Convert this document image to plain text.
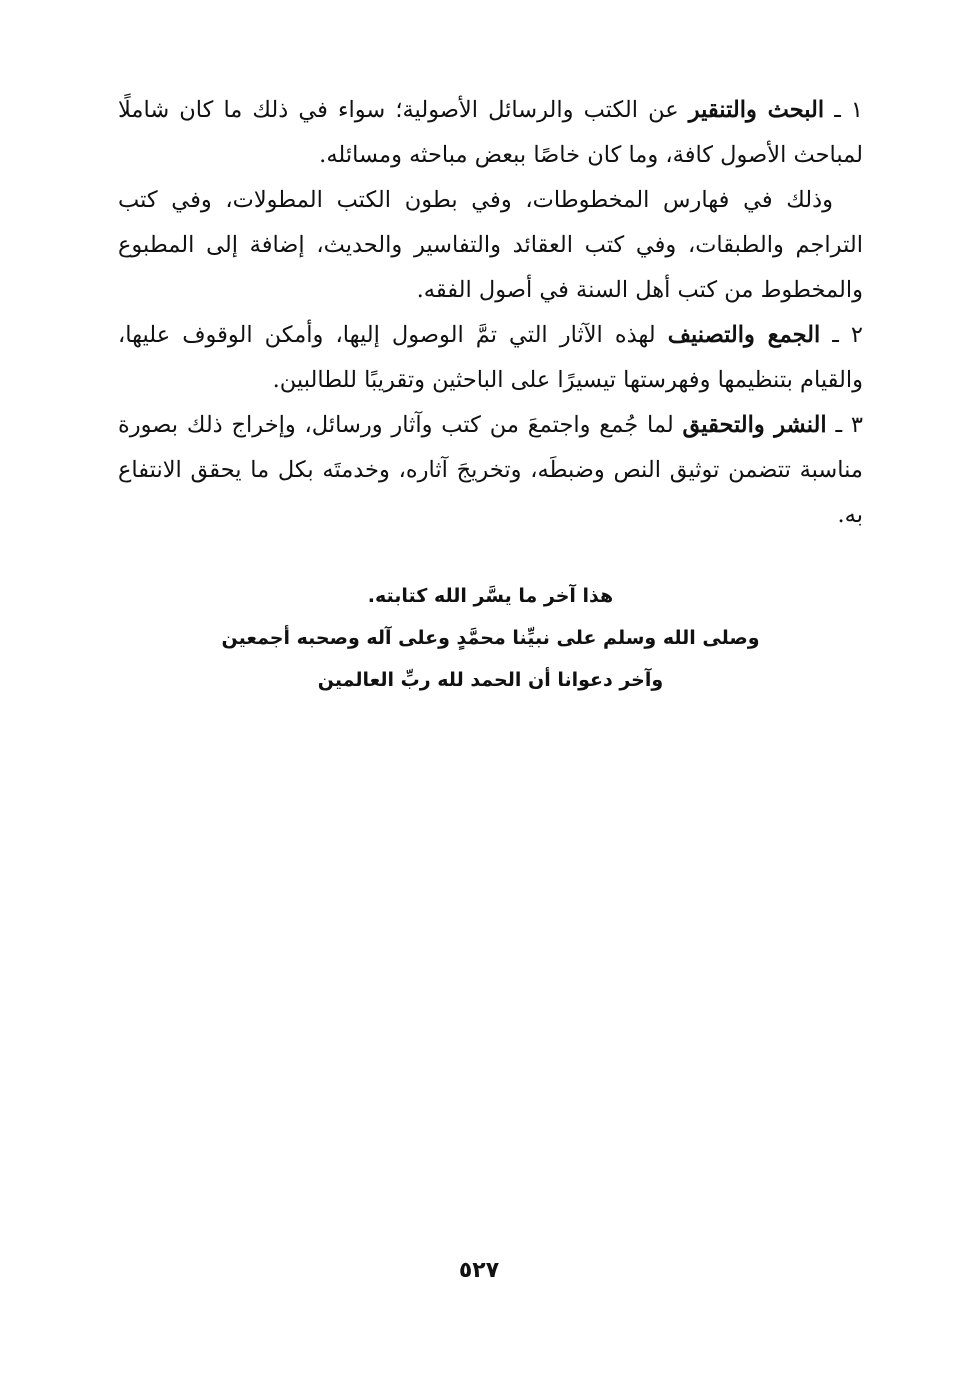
١ ـ البحث والتنقير عن الكتب والرسائل الأصولية؛ سواء في ذلك ما كان شاملًا لمباحث الأصول كافة، وما كان خاصًا ببعض مباحثه ومسائله.

وذلك في فهارس المخطوطات، وفي بطون الكتب المطولات، وفي كتب التراجم والطبقات، وفي كتب العقائد والتفاسير والحديث، إضافة إلى المطبوع والمخطوط من كتب أهل السنة في أصول الفقه.

٢ ـ الجمع والتصنيف لهذه الآثار التي تمَّ الوصول إليها، وأمكن الوقوف عليها، والقيام بتنظيمها وفهرستها تيسيرًا على الباحثين وتقريبًا للطالبين.

٣ ـ النشر والتحقيق لما جُمع واجتمعَ من كتب وآثار ورسائل، وإخراج ذلك بصورة مناسبة تتضمن توثيق النص وضبطَه، وتخريجَ آثاره، وخدمتَه بكل ما يحقق الانتفاع به.

هذا آخر ما يسَّر الله كتابته.
وصلى الله وسلم على نبيِّنا محمَّدٍ وعلى آله وصحبه أجمعين
وآخر دعوانا أن الحمد لله ربِّ العالمين
٥٢٧
